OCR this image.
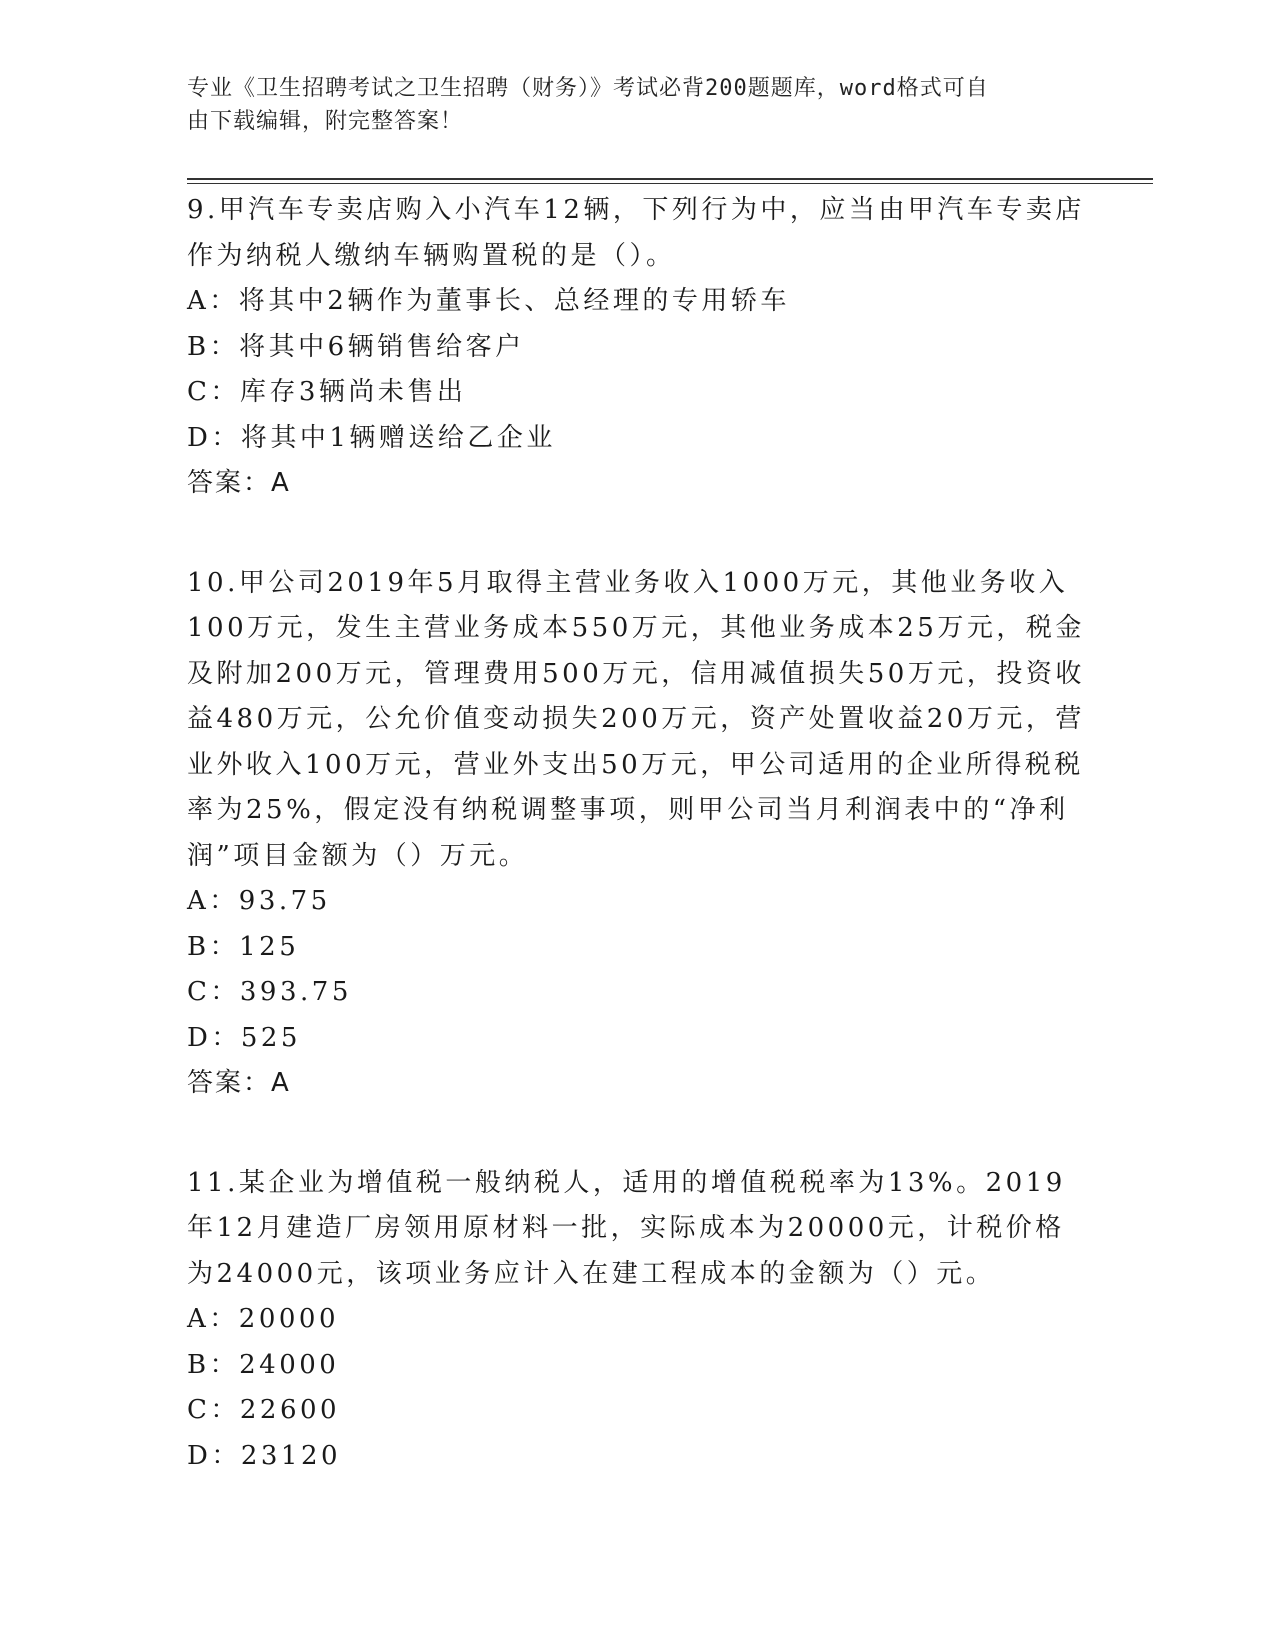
专业《卫生招聘考试之卫生招聘（财务）》考试必背200题题库，word格式可自
由下载编辑，附完整答案！

9.甲汽车专卖店购入小汽车12辆，下列行为中，应当由甲汽车专卖店作为纳税人缴纳车辆购置税的是（）。

A：将其中2辆作为董事长、总经理的专用轿车

B：将其中6辆销售给客户

C：库存3辆尚未售出

D：将其中1辆赠送给乙企业

答案：A

10.甲公司2019年5月取得主营业务收入1000万元，其他业务收入100万元，发生主营业务成本550万元，其他业务成本25万元，税金及附加200万元，管理费用500万元，信用减值损失50万元，投资收益480万元，公允价值变动损失200万元，资产处置收益20万元，营业外收入100万元，营业外支出50万元，甲公司适用的企业所得税税率为25%，假定没有纳税调整事项，则甲公司当月利润表中的“净利润”项目金额为（）万元。

A：93.75

B：125

C：393.75

D：525

答案：A

11.某企业为增值税一般纳税人，适用的增值税税率为13%。2019年12月建造厂房领用原材料一批，实际成本为20000元，计税价格为24000元，该项业务应计入在建工程成本的金额为（）元。

A：20000

B：24000

C：22600

D：23120
